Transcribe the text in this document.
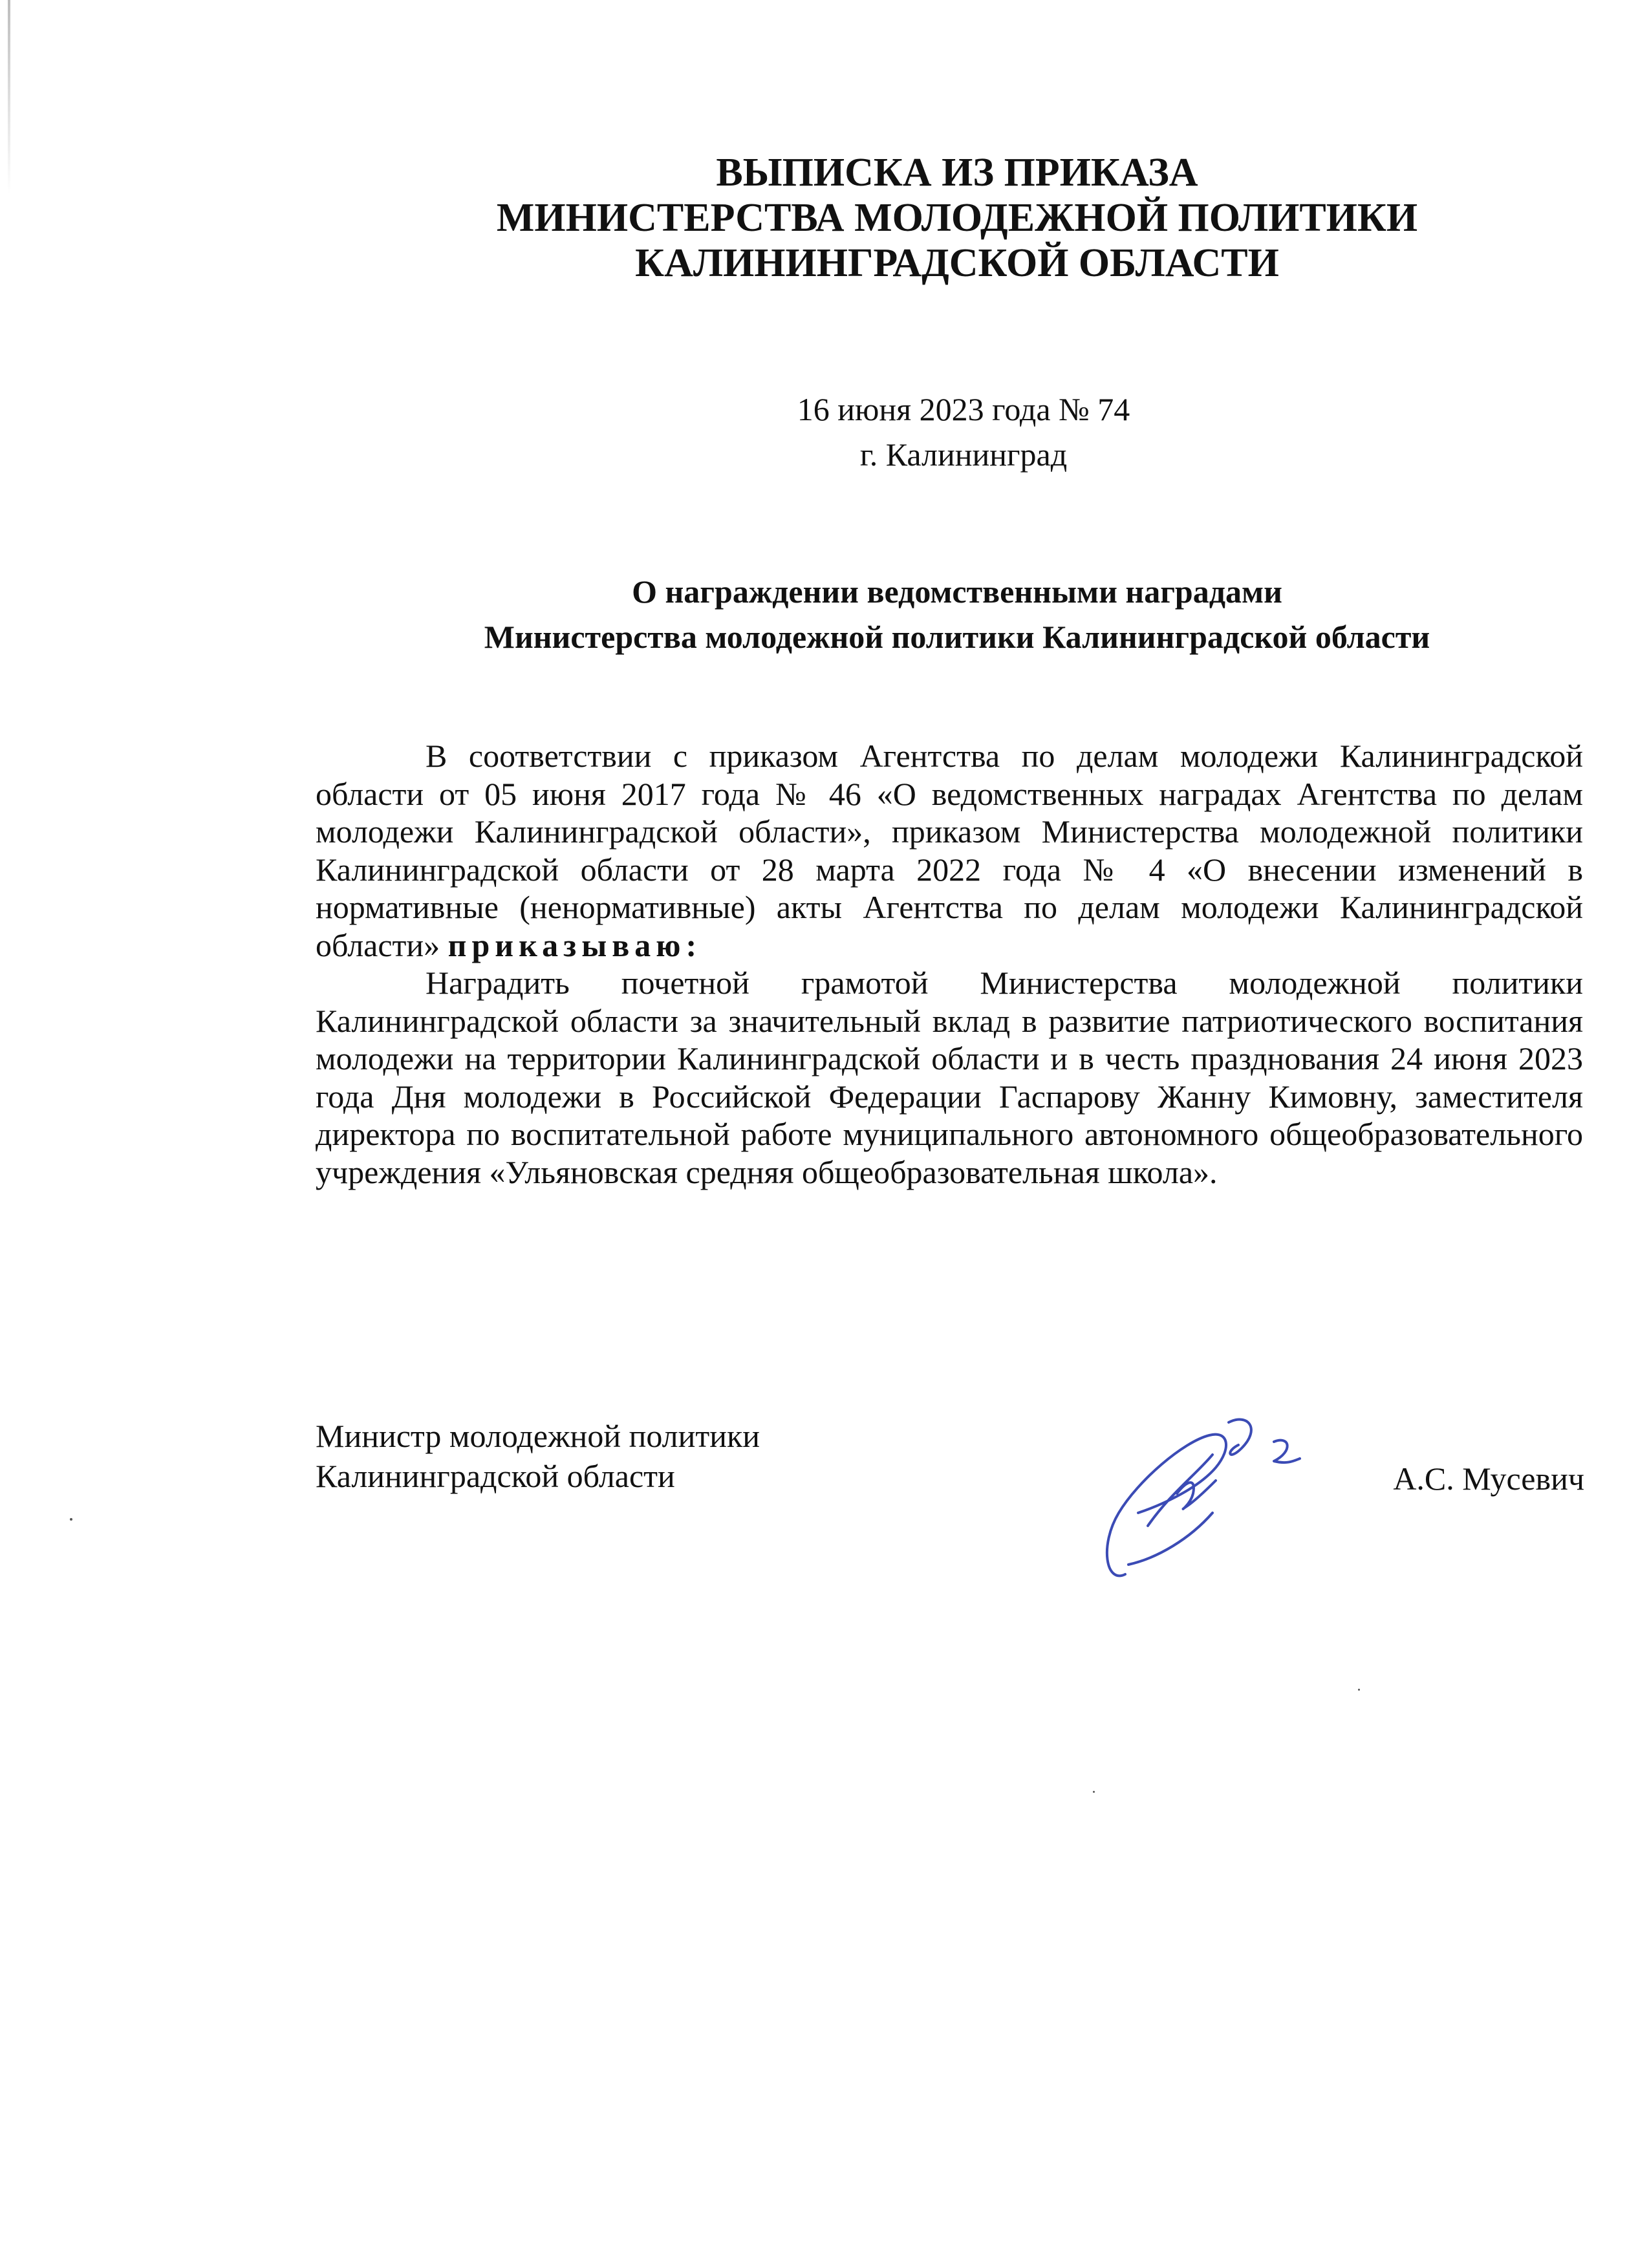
ВЫПИСКА ИЗ ПРИКАЗА
МИНИСТЕРСТВА МОЛОДЕЖНОЙ ПОЛИТИКИ
КАЛИНИНГРАДСКОЙ ОБЛАСТИ
16 июня 2023 года № 74
г. Калининград
О награждении ведомственными наградами
Министерства молодежной политики Калининградской области

В соответствии с приказом Агентства по делам молодежи Калининградской области от 05 июня 2017 года № 46 «О ведомственных наградах Агентства по делам молодежи Калининградской области», приказом Министерства молодежной политики Калининградской области от 28 марта 2022 года № 4 «О внесении изменений в нормативные (ненормативные) акты Агентства по делам молодежи Калининградской области» приказываю:

Наградить почетной грамотой Министерства молодежной политики Калининградской области за значительный вклад в развитие патриотического воспитания молодежи на территории Калининградской области и в честь празднования 24 июня 2023 года Дня молодежи в Российской Федерации Гаспарову Жанну Кимовну, заместителя директора по воспитательной работе муниципального автономного общеобразовательного учреждения «Ульяновская средняя общеобразовательная школа».

Министр молодежной политики
Калининградской области	А.С. Мусевич
